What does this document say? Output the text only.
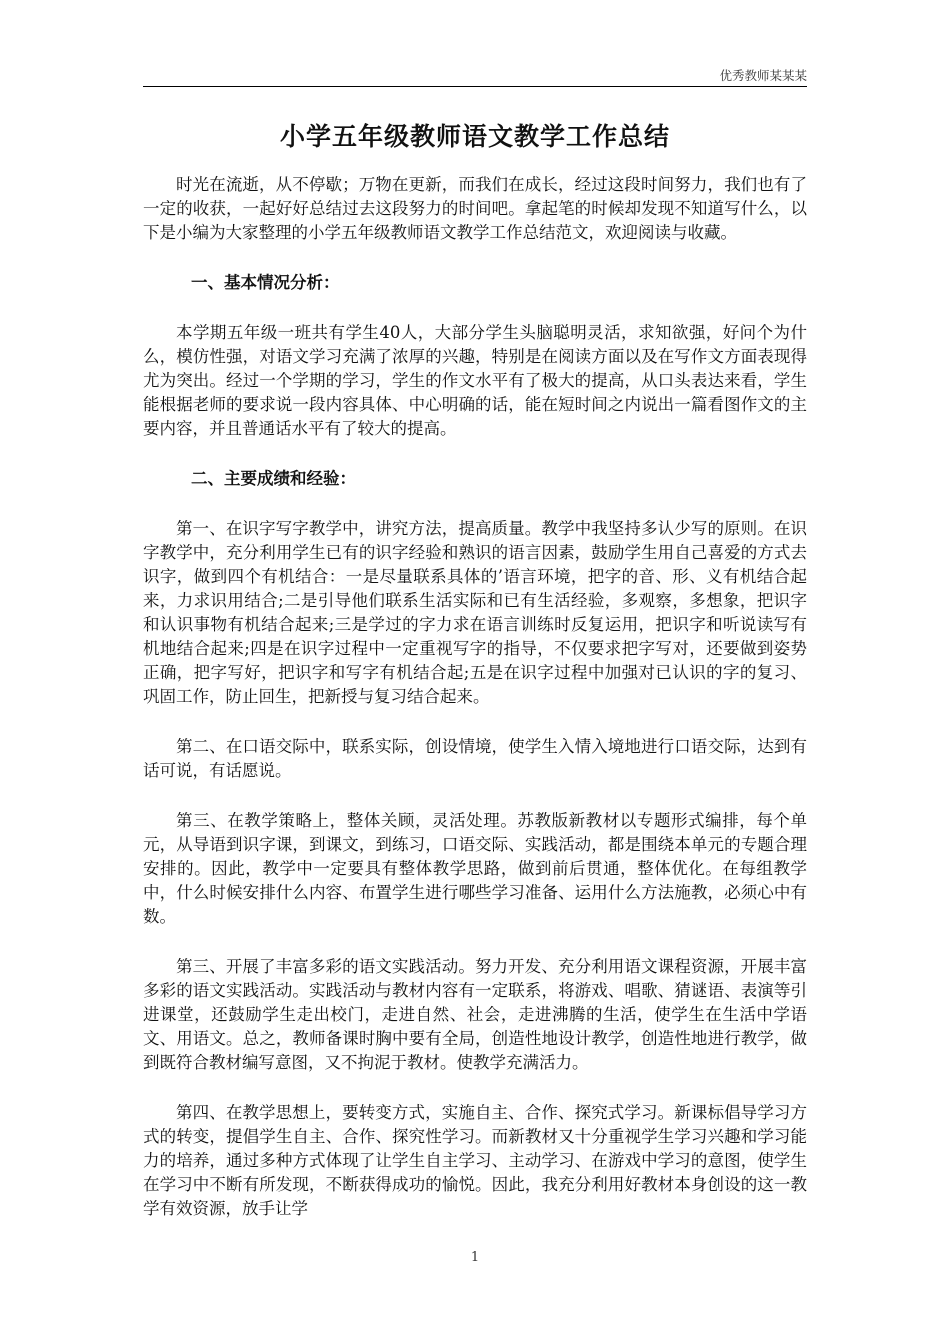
优秀教师某某某
小学五年级教师语文教学工作总结

时光在流逝，从不停歇；万物在更新，而我们在成长，经过这段时间努力，我们也有了一定的收获，一起好好总结过去这段努力的时间吧。拿起笔的时候却发现不知道写什么，以下是小编为大家整理的小学五年级教师语文教学工作总结范文，欢迎阅读与收藏。

一、基本情况分析：

本学期五年级一班共有学生40人，大部分学生头脑聪明灵活，求知欲强，好问个为什么，模仿性强，对语文学习充满了浓厚的兴趣，特别是在阅读方面以及在写作文方面表现得尤为突出。经过一个学期的学习，学生的作文水平有了极大的提高，从口头表达来看，学生能根据老师的要求说一段内容具体、中心明确的话，能在短时间之内说出一篇看图作文的主要内容，并且普通话水平有了较大的提高。

二、主要成绩和经验：

第一、在识字写字教学中，讲究方法，提高质量。教学中我坚持多认少写的原则。在识字教学中，充分利用学生已有的识字经验和熟识的语言因素，鼓励学生用自己喜爱的方式去识字，做到四个有机结合：一是尽量联系具体的’语言环境，把字的音、形、义有机结合起来，力求识用结合;二是引导他们联系生活实际和已有生活经验，多观察，多想象，把识字和认识事物有机结合起来;三是学过的字力求在语言训练时反复运用，把识字和听说读写有机地结合起来;四是在识字过程中一定重视写字的指导，不仅要求把字写对，还要做到姿势正确，把字写好，把识字和写字有机结合起;五是在识字过程中加强对已认识的字的复习、巩固工作，防止回生，把新授与复习结合起来。

第二、在口语交际中，联系实际，创设情境，使学生入情入境地进行口语交际，达到有话可说，有话愿说。

第三、在教学策略上，整体关顾，灵活处理。苏教版新教材以专题形式编排，每个单元，从导语到识字课，到课文，到练习，口语交际、实践活动，都是围绕本单元的专题合理安排的。因此，教学中一定要具有整体教学思路，做到前后贯通，整体优化。在每组教学中，什么时候安排什么内容、布置学生进行哪些学习准备、运用什么方法施教，必须心中有数。

第三、开展了丰富多彩的语文实践活动。努力开发、充分利用语文课程资源，开展丰富多彩的语文实践活动。实践活动与教材内容有一定联系，将游戏、唱歌、猜谜语、表演等引进课堂，还鼓励学生走出校门，走进自然、社会，走进沸腾的生活，使学生在生活中学语文、用语文。总之，教师备课时胸中要有全局，创造性地设计教学，创造性地进行教学，做到既符合教材编写意图，又不拘泥于教材。使教学充满活力。

第四、在教学思想上，要转变方式，实施自主、合作、探究式学习。新课标倡导学习方式的转变，提倡学生自主、合作、探究性学习。而新教材又十分重视学生学习兴趣和学习能力的培养，通过多种方式体现了让学生自主学习、主动学习、在游戏中学习的意图，使学生在学习中不断有所发现，不断获得成功的愉悦。因此，我充分利用好教材本身创设的这一教学有效资源，放手让学

1
